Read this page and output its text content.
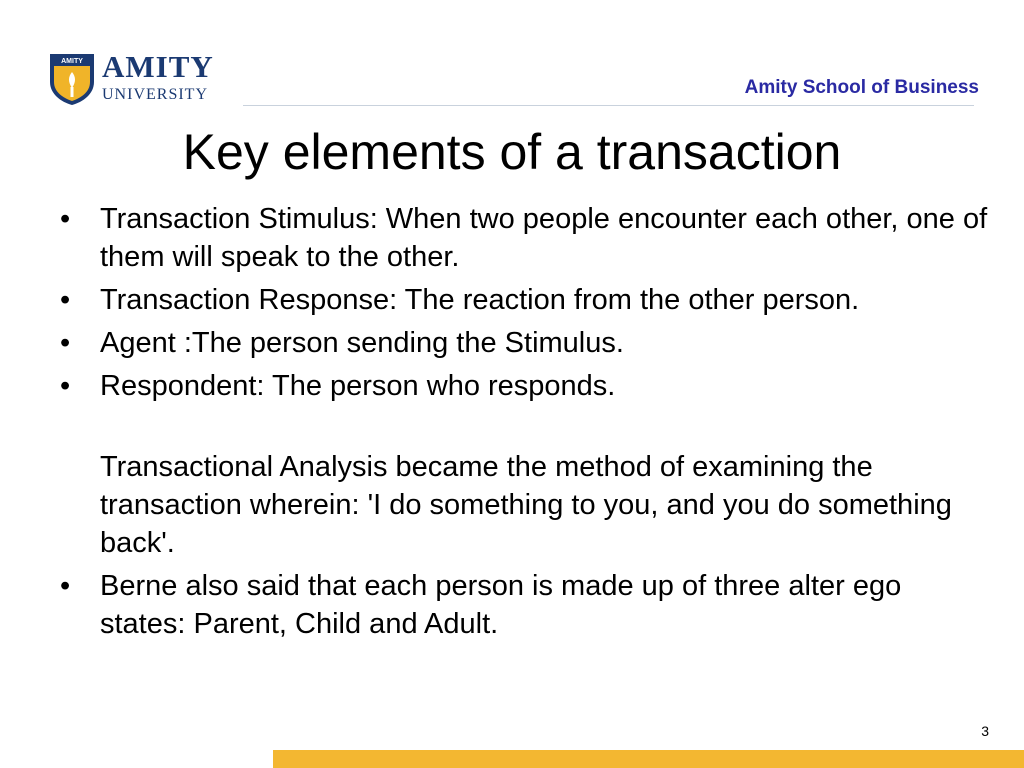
AMITY AMITY
UNIVERSITY	Amity School of Business
Key elements of a transaction
• Transaction Stimulus: When two people encounter each other, one of them will speak to the other.
• Transaction Response: The reaction from the other person.
• Agent :The person sending the Stimulus.
• Respondent: The person who responds.
Transactional Analysis became the method of examining the transaction wherein: 'I do something to you, and you do something back'.
• Berne also said that each person is made up of three alter ego states: Parent, Child and Adult.
3
